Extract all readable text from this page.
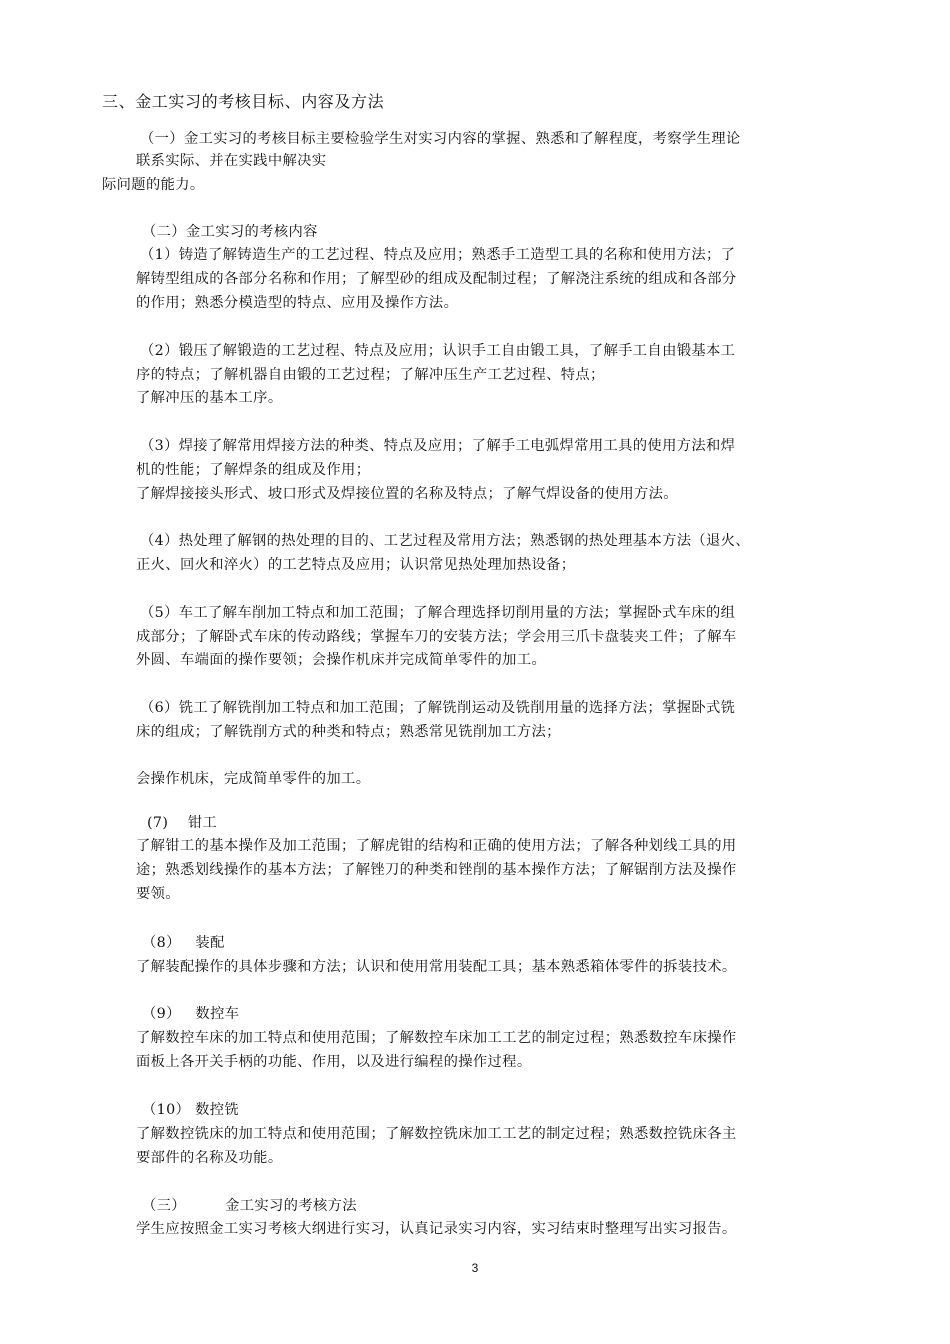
三、金工实习的考核目标、内容及方法
（一）金工实习的考核目标主要检验学生对实习内容的掌握、熟悉和了解程度，考察学生理论
联系实际、并在实践中解决实
际问题的能力。
（二）金工实习的考核内容
（1）铸造了解铸造生产的工艺过程、特点及应用；熟悉手工造型工具的名称和使用方法；了
解铸型组成的各部分名称和作用；了解型砂的组成及配制过程；了解浇注系统的组成和各部分
的作用；熟悉分模造型的特点、应用及操作方法。
（2）锻压了解锻造的工艺过程、特点及应用；认识手工自由锻工具，了解手工自由锻基本工
序的特点；了解机器自由锻的工艺过程；了解冲压生产工艺过程、特点；
了解冲压的基本工序。
（3）焊接了解常用焊接方法的种类、特点及应用；了解手工电弧焊常用工具的使用方法和焊
机的性能；了解焊条的组成及作用；
了解焊接接头形式、坡口形式及焊接位置的名称及特点；了解气焊设备的使用方法。
（4）热处理了解钢的热处理的目的、工艺过程及常用方法；熟悉钢的热处理基本方法（退火、
正火、回火和淬火）的工艺特点及应用；认识常见热处理加热设备；
（5）车工了解车削加工特点和加工范围；了解合理选择切削用量的方法；掌握卧式车床的组
成部分；了解卧式车床的传动路线；掌握车刀的安装方法；学会用三爪卡盘装夹工件；了解车
外圆、车端面的操作要领；会操作机床并完成简单零件的加工。
（6）铣工了解铣削加工特点和加工范围；了解铣削运动及铣削用量的选择方法；掌握卧式铣
床的组成；了解铣削方式的种类和特点；熟悉常见铣削加工方法；
会操作机床，完成简单零件的加工。
(7)    钳工
了解钳工的基本操作及加工范围；了解虎钳的结构和正确的使用方法；了解各种划线工具的用
途；熟悉划线操作的基本方法；了解锉刀的种类和锉削的基本操作方法；了解锯削方法及操作
要领。
（8）   装配
了解装配操作的具体步骤和方法；认识和使用常用装配工具；基本熟悉箱体零件的拆装技术。
（9）   数控车
了解数控车床的加工特点和使用范围；了解数控车床加工工艺的制定过程；熟悉数控车床操作
面板上各开关手柄的功能、作用，以及进行编程的操作过程。
（10） 数控铣
了解数控铣床的加工特点和使用范围；了解数控铣床加工工艺的制定过程；熟悉数控铣床各主
要部件的名称及功能。
（三）        金工实习的考核方法
学生应按照金工实习考核大纲进行实习，认真记录实习内容，实习结束时整理写出实习报告。
3
